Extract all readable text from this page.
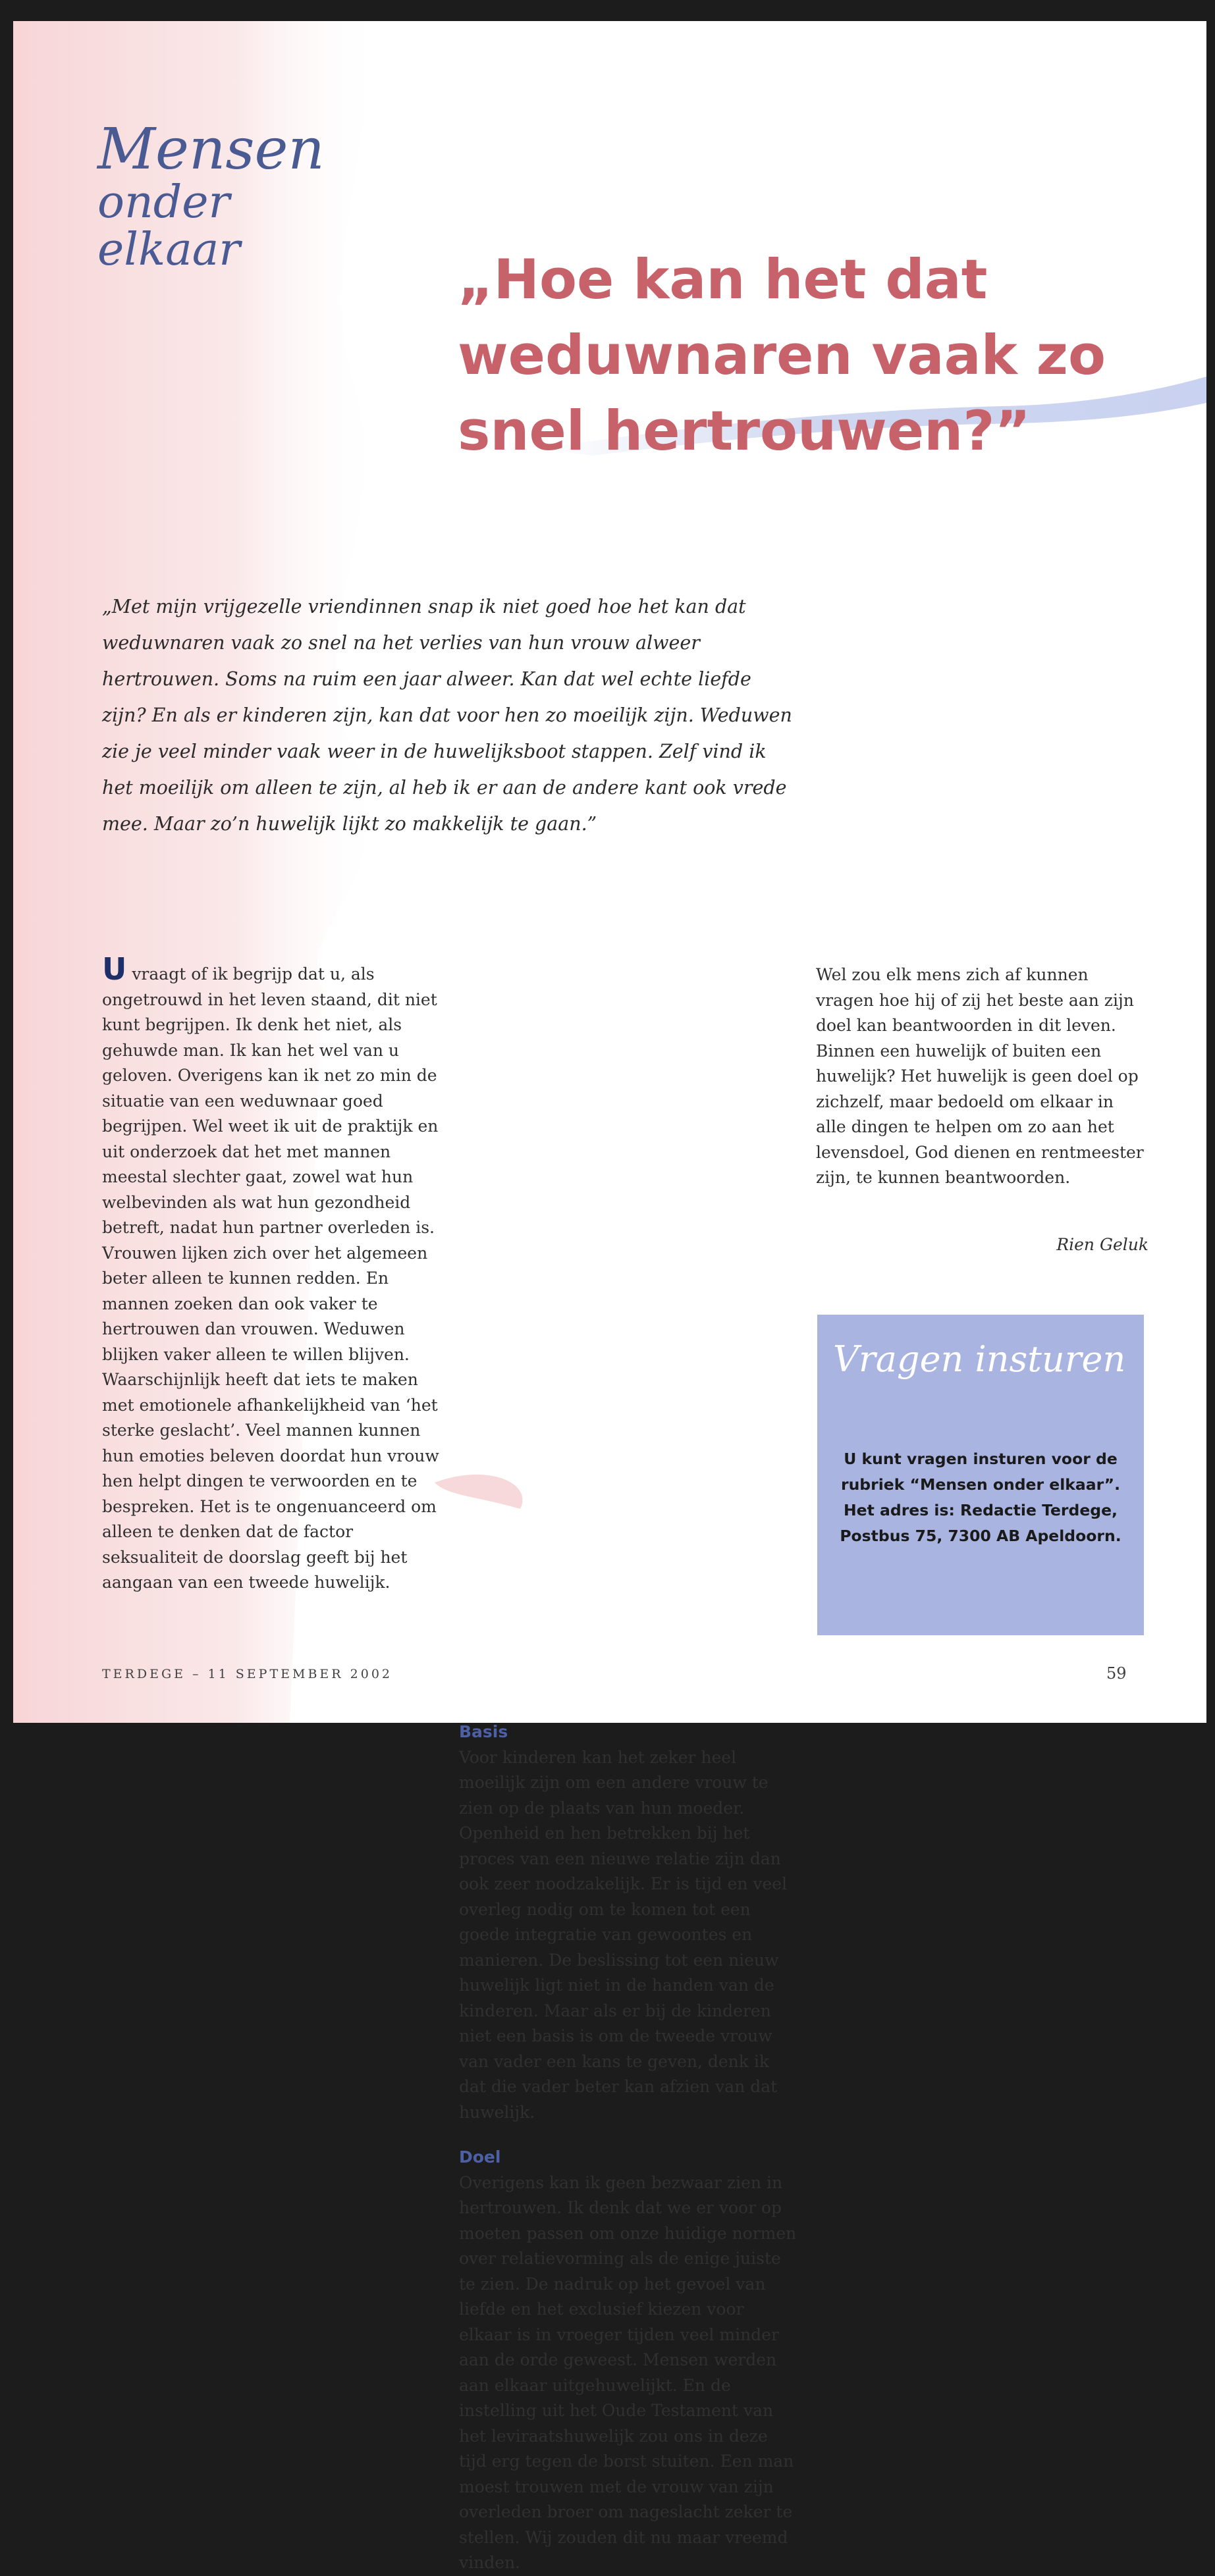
Mensen
onder
elkaar	„Hoe kan het dat weduwnaren vaak zo snel hertrouwen?”

„Met mijn vrijgezelle vriendinnen snap ik niet goed hoe het kan dat weduwnaren vaak zo snel na het verlies van hun vrouw alweer hertrouwen. Soms na ruim een jaar alweer. Kan dat wel echte liefde zijn? En als er kinderen zijn, kan dat voor hen zo moeilijk zijn. Weduwen zie je veel minder vaak weer in de huwelijksboot stappen. Zelf vind ik het moeilijk om alleen te zijn, al heb ik er aan de andere kant ook vrede mee. Maar zo’n huwelijk lijkt zo makkelijk te gaan.”

U vraagt of ik begrijp dat u, als ongetrouwd in het leven staand, dit niet kunt begrijpen. Ik denk het niet, als gehuwde man. Ik kan het wel van u geloven. Overigens kan ik net zo min de situatie van een weduwnaar goed begrijpen. Wel weet ik uit de praktijk en uit onderzoek dat het met mannen meestal slechter gaat, zowel wat hun welbevinden als wat hun gezondheid betreft, nadat hun partner overleden is. Vrouwen lijken zich over het algemeen beter alleen te kunnen redden. En mannen zoeken dan ook vaker te hertrouwen dan vrouwen. Weduwen blijken vaker alleen te willen blijven. Waarschijnlijk heeft dat iets te maken met emotionele afhankelijkheid van ‘het sterke geslacht’. Veel mannen kunnen hun emoties beleven doordat hun vrouw hen helpt dingen te verwoorden en te bespreken. Het is te ongenuanceerd om alleen te denken dat de factor seksualiteit de doorslag geeft bij het aangaan van een tweede huwelijk.

Basis

Voor kinderen kan het zeker heel moeilijk zijn om een andere vrouw te zien op de plaats van hun moeder. Openheid en hen betrekken bij het proces van een nieuwe relatie zijn dan ook zeer noodzakelijk. Er is tijd en veel overleg nodig om te komen tot een goede integratie van gewoontes en manieren. De beslissing tot een nieuw huwelijk ligt niet in de handen van de kinderen. Maar als er bij de kinderen niet een basis is om de tweede vrouw van vader een kans te geven, denk ik dat die vader beter kan afzien van dat huwelijk.

Doel

Overigens kan ik geen bezwaar zien in hertrouwen. Ik denk dat we er voor op moeten passen om onze huidige normen over relatievorming als de enige juiste te zien. De nadruk op het gevoel van liefde en het exclusief kiezen voor elkaar is in vroeger tijden veel minder aan de orde geweest. Mensen werden aan elkaar uitgehuwelijkt. En de instelling uit het Oude Testament van het leviraatshuwelijk zou ons in deze tijd erg tegen de borst stuiten. Een man moest trouwen met de vrouw van zijn overleden broer om nageslacht zeker te stellen. Wij zouden dit nu maar vreemd vinden.

Wel zou elk mens zich af kunnen vragen hoe hij of zij het beste aan zijn doel kan beantwoorden in dit leven. Binnen een huwelijk of buiten een huwelijk? Het huwelijk is geen doel op zichzelf, maar bedoeld om elkaar in alle dingen te helpen om zo aan het levensdoel, God dienen en rentmeester zijn, te kunnen beantwoorden.

Rien Geluk
Vragen insturen

U kunt vragen insturen voor de rubriek “Mensen onder elkaar”. Het adres is: Redactie Terdege, Postbus 75, 7300 AB Apeldoorn.

TERDEGE – 11 SEPTEMBER 2002	59
